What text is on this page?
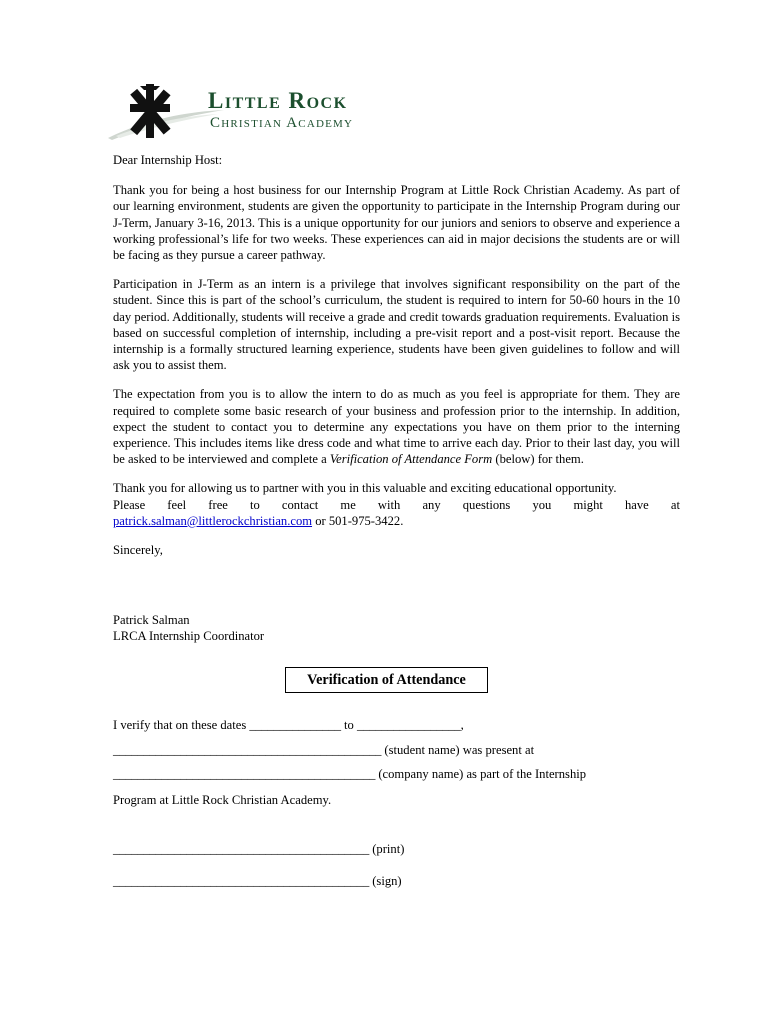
Little Rock
Christian Academy

Dear Internship Host:

Thank you for being a host business for our Internship Program at Little Rock Christian Academy. As part of our learning environment, students are given the opportunity to participate in the Internship Program during our J-Term, January 3-16, 2013. This is a unique opportunity for our juniors and seniors to observe and experience a working professional’s life for two weeks. These experiences can aid in major decisions the students are or will be facing as they pursue a career pathway.

Participation in J-Term as an intern is a privilege that involves significant responsibility on the part of the student. Since this is part of the school’s curriculum, the student is required to intern for 50-60 hours in the 10 day period. Additionally, students will receive a grade and credit towards graduation requirements. Evaluation is based on successful completion of internship, including a pre-visit report and a post-visit report. Because the internship is a formally structured learning experience, students have been given guidelines to follow and will ask you to assist them.

The expectation from you is to allow the intern to do as much as you feel is appropriate for them. They are required to complete some basic research of your business and profession prior to the internship. In addition, expect the student to contact you to determine any expectations you have on them prior to the interning experience. This includes items like dress code and what time to arrive each day. Prior to their last day, you will be asked to be interviewed and complete a Verification of Attendance Form (below) for them.

Thank you for allowing us to partner with you in this valuable and exciting educational opportunity.
Please feel free to contact me with any questions you might have at
patrick.salman@littlerockchristian.com or 501-975-3422.

Sincerely,

Patrick Salman
LRCA Internship Coordinator

Verification of Attendance
I verify that on these dates _______________ to _________________,
____________________________________________ (student name) was present at
___________________________________________ (company name) as part of the Internship
Program at Little Rock Christian Academy.
__________________________________________ (print)
__________________________________________ (sign)
